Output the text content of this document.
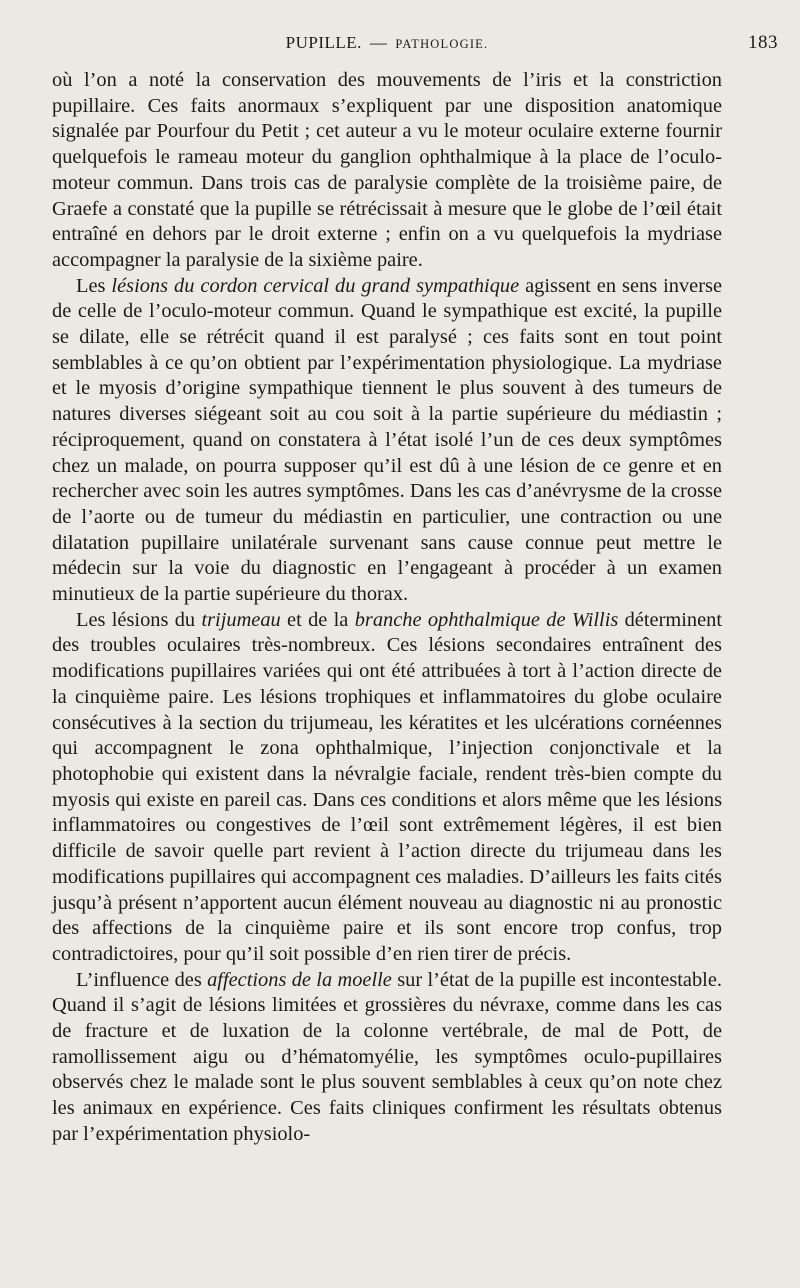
PUPILLE. — PATHOLOGIE.	183

où l’on a noté la conservation des mouvements de l’iris et la constriction pupillaire. Ces faits anormaux s’expliquent par une disposition anatomique signalée par Pourfour du Petit ; cet auteur a vu le moteur oculaire externe fournir quelquefois le rameau moteur du ganglion ophthalmique à la place de l’oculo-moteur commun. Dans trois cas de paralysie complète de la troisième paire, de Graefe a constaté que la pupille se rétrécissait à mesure que le globe de l’œil était entraîné en dehors par le droit externe ; enfin on a vu quelquefois la mydriase accompagner la paralysie de la sixième paire.

Les lésions du cordon cervical du grand sympathique agissent en sens inverse de celle de l’oculo-moteur commun. Quand le sympathique est excité, la pupille se dilate, elle se rétrécit quand il est paralysé ; ces faits sont en tout point semblables à ce qu’on obtient par l’expérimentation physiologique. La mydriase et le myosis d’origine sympathique tiennent le plus souvent à des tumeurs de natures diverses siégeant soit au cou soit à la partie supérieure du médiastin ; réciproquement, quand on constatera à l’état isolé l’un de ces deux symptômes chez un malade, on pourra supposer qu’il est dû à une lésion de ce genre et en rechercher avec soin les autres symptômes. Dans les cas d’anévrysme de la crosse de l’aorte ou de tumeur du médiastin en particulier, une contraction ou une dilatation pupillaire unilatérale survenant sans cause connue peut mettre le médecin sur la voie du diagnostic en l’engageant à procéder à un examen minutieux de la partie supérieure du thorax.

Les lésions du trijumeau et de la branche ophthalmique de Willis déterminent des troubles oculaires très-nombreux. Ces lésions secondaires entraînent des modifications pupillaires variées qui ont été attribuées à tort à l’action directe de la cinquième paire. Les lésions trophiques et inflammatoires du globe oculaire consécutives à la section du trijumeau, les kératites et les ulcérations cornéennes qui accompagnent le zona ophthalmique, l’injection conjonctivale et la photophobie qui existent dans la névralgie faciale, rendent très-bien compte du myosis qui existe en pareil cas. Dans ces conditions et alors même que les lésions inflammatoires ou congestives de l’œil sont extrêmement légères, il est bien difficile de savoir quelle part revient à l’action directe du trijumeau dans les modifications pupillaires qui accompagnent ces maladies. D’ailleurs les faits cités jusqu’à présent n’apportent aucun élément nouveau au diagnostic ni au pronostic des affections de la cinquième paire et ils sont encore trop confus, trop contradictoires, pour qu’il soit possible d’en rien tirer de précis.

L’influence des affections de la moelle sur l’état de la pupille est incontestable. Quand il s’agit de lésions limitées et grossières du névraxe, comme dans les cas de fracture et de luxation de la colonne vertébrale, de mal de Pott, de ramollissement aigu ou d’hématomyélie, les symptômes oculo-pupillaires observés chez le malade sont le plus souvent semblables à ceux qu’on note chez les animaux en expérience. Ces faits cliniques confirment les résultats obtenus par l’expérimentation physiolo-
